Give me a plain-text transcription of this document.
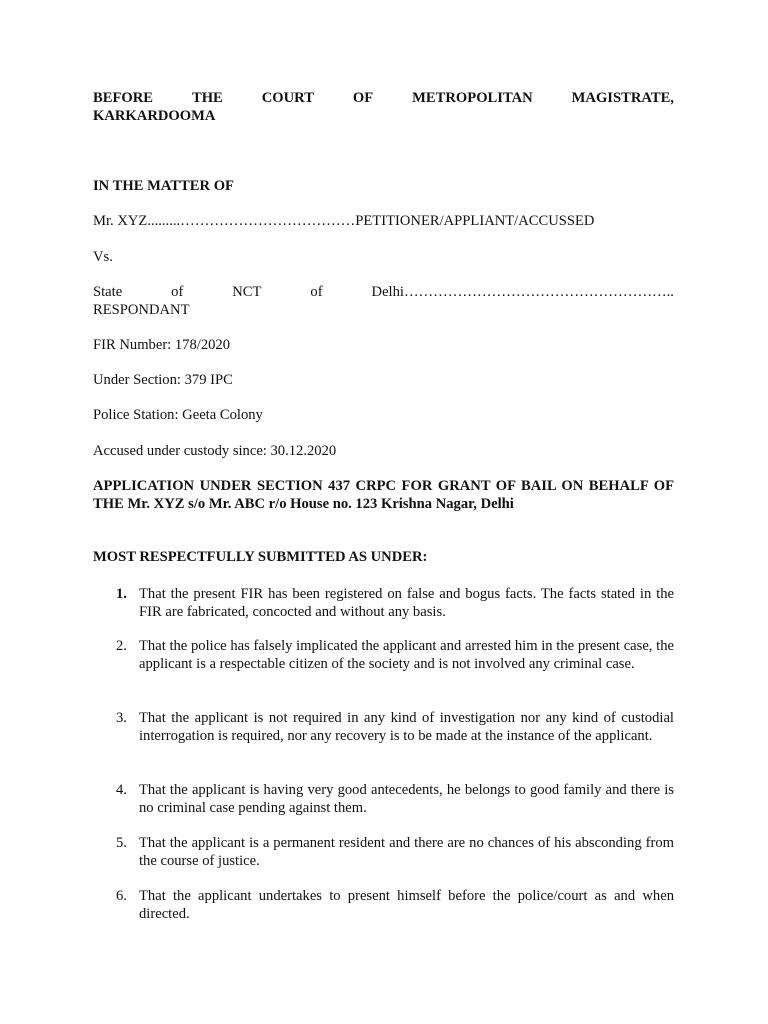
BEFORE	THE	COURT	OF	METROPOLITAN	MAGISTRATE,
KARKARDOOMA
IN THE MATTER OF
Mr. XYZ.........………………………………PETITIONER/APPLIANT/ACCUSSED
Vs.
State	of	NCT	of	Delhi………………………………………………..
RESPONDANT
FIR Number: 178/2020
Under Section: 379 IPC
Police Station: Geeta Colony
Accused under custody since: 30.12.2020
APPLICATION UNDER SECTION 437 CRPC FOR GRANT OF BAIL ON BEHALF OF THE Mr. XYZ s/o Mr. ABC r/o House no. 123 Krishna Nagar, Delhi
MOST RESPECTFULLY SUBMITTED AS UNDER:
1. That the present FIR has been registered on false and bogus facts. The facts stated in the FIR are fabricated, concocted and without any basis.
2. That the police has falsely implicated the applicant and arrested him in the present case, the applicant is a respectable citizen of the society and is not involved any criminal case.
3. That the applicant is not required in any kind of investigation nor any kind of custodial interrogation is required, nor any recovery is to be made at the instance of the applicant.
4. That the applicant is having very good antecedents, he belongs to good family and there is no criminal case pending against them.
5. That the applicant is a permanent resident and there are no chances of his absconding from the course of justice.
6. That the applicant undertakes to present himself before the police/court as and when directed.
